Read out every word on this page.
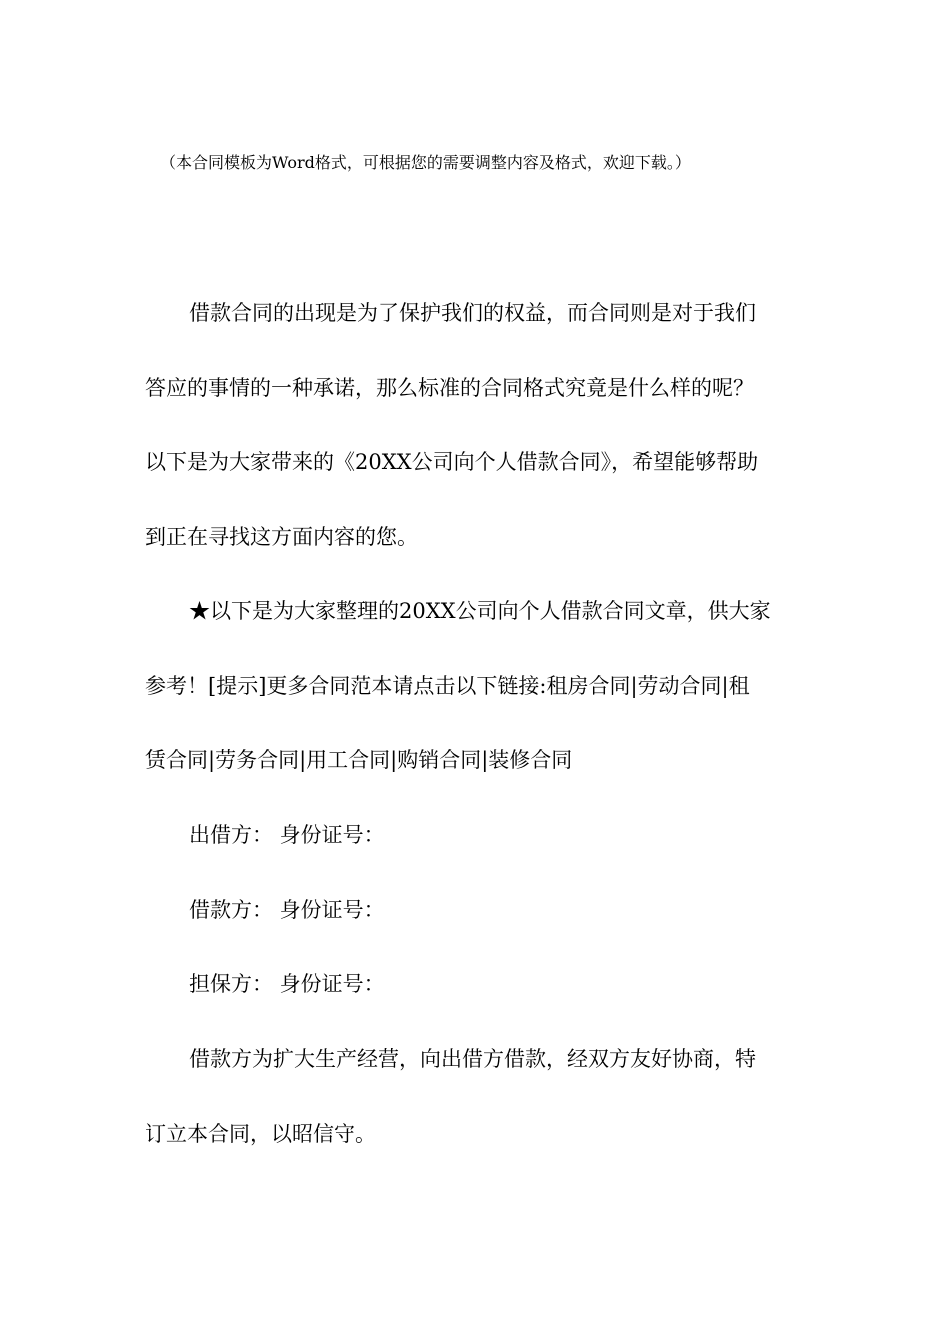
（本合同模板为Word格式，可根据您的需要调整内容及格式，欢迎下载。）
借款合同的出现是为了保护我们的权益，而合同则是对于我们
答应的事情的一种承诺，那么标准的合同格式究竟是什么样的呢？
以下是为大家带来的《20XX公司向个人借款合同》，希望能够帮助
到正在寻找这方面内容的您。
★以下是为大家整理的20XX公司向个人借款合同文章，供大家
参考！[提示]更多合同范本请点击以下链接:租房合同|劳动合同|租
赁合同|劳务合同|用工合同|购销合同|装修合同
出借方： 身份证号：
借款方： 身份证号：
担保方： 身份证号：
借款方为扩大生产经营，向出借方借款，经双方友好协商，特
订立本合同，以昭信守。
